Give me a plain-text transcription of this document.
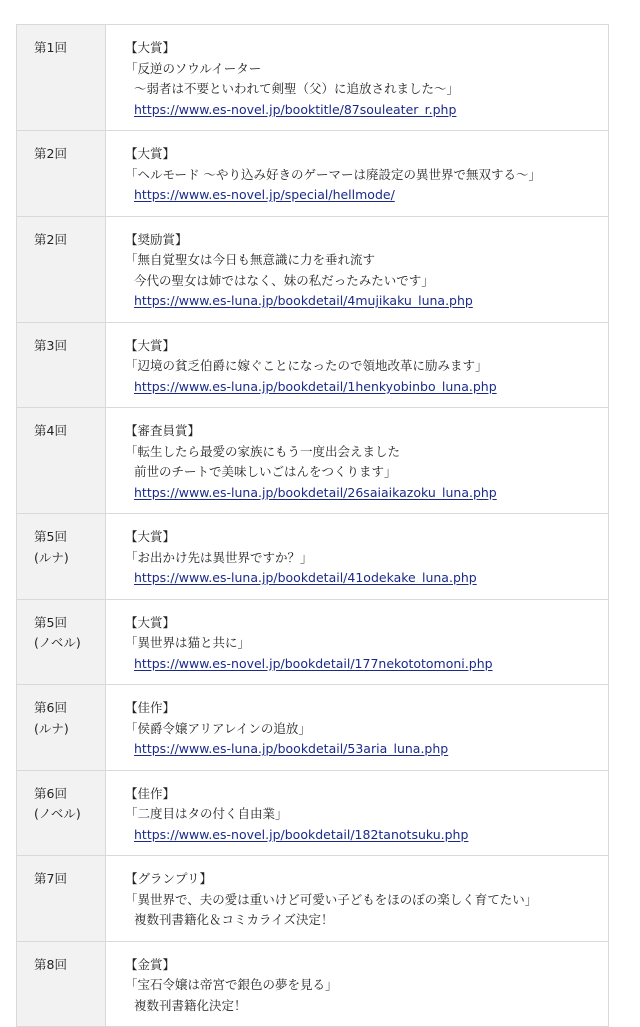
第1回	【大賞】
「反逆のソウルイーター
～弱者は不要といわれて剣聖（父）に追放されました～」
https://www.es-novel.jp/booktitle/87souleater_r.php

第2回	【大賞】
「ヘルモード ～やり込み好きのゲーマーは廃設定の異世界で無双する～」
https://www.es-novel.jp/special/hellmode/

第2回	【奨励賞】
「無自覚聖女は今日も無意識に力を垂れ流す
今代の聖女は姉ではなく、妹の私だったみたいです」
https://www.es-luna.jp/bookdetail/4mujikaku_luna.php

第3回	【大賞】
「辺境の貧乏伯爵に嫁ぐことになったので領地改革に励みます」
https://www.es-luna.jp/bookdetail/1henkyobinbo_luna.php

第4回	【審査員賞】
「転生したら最愛の家族にもう一度出会えました
前世のチートで美味しいごはんをつくります」
https://www.es-luna.jp/bookdetail/26saiaikazoku_luna.php

第5回
(ルナ)	【大賞】
「お出かけ先は異世界ですか？」
https://www.es-luna.jp/bookdetail/41odekake_luna.php

第5回
(ノベル)	【大賞】
「異世界は猫と共に」
https://www.es-novel.jp/bookdetail/177nekototomoni.php

第6回
(ルナ)	【佳作】
「侯爵令嬢アリアレインの追放」
https://www.es-luna.jp/bookdetail/53aria_luna.php

第6回
(ノベル)	【佳作】
「二度目はタの付く自由業」
https://www.es-novel.jp/bookdetail/182tanotsuku.php

第7回	【グランプリ】
「異世界で、夫の愛は重いけど可愛い子どもをほのぼの楽しく育てたい」
複数刊書籍化＆コミカライズ決定！

第8回	【金賞】
「宝石令嬢は帝宮で銀色の夢を見る」
複数刊書籍化決定！
